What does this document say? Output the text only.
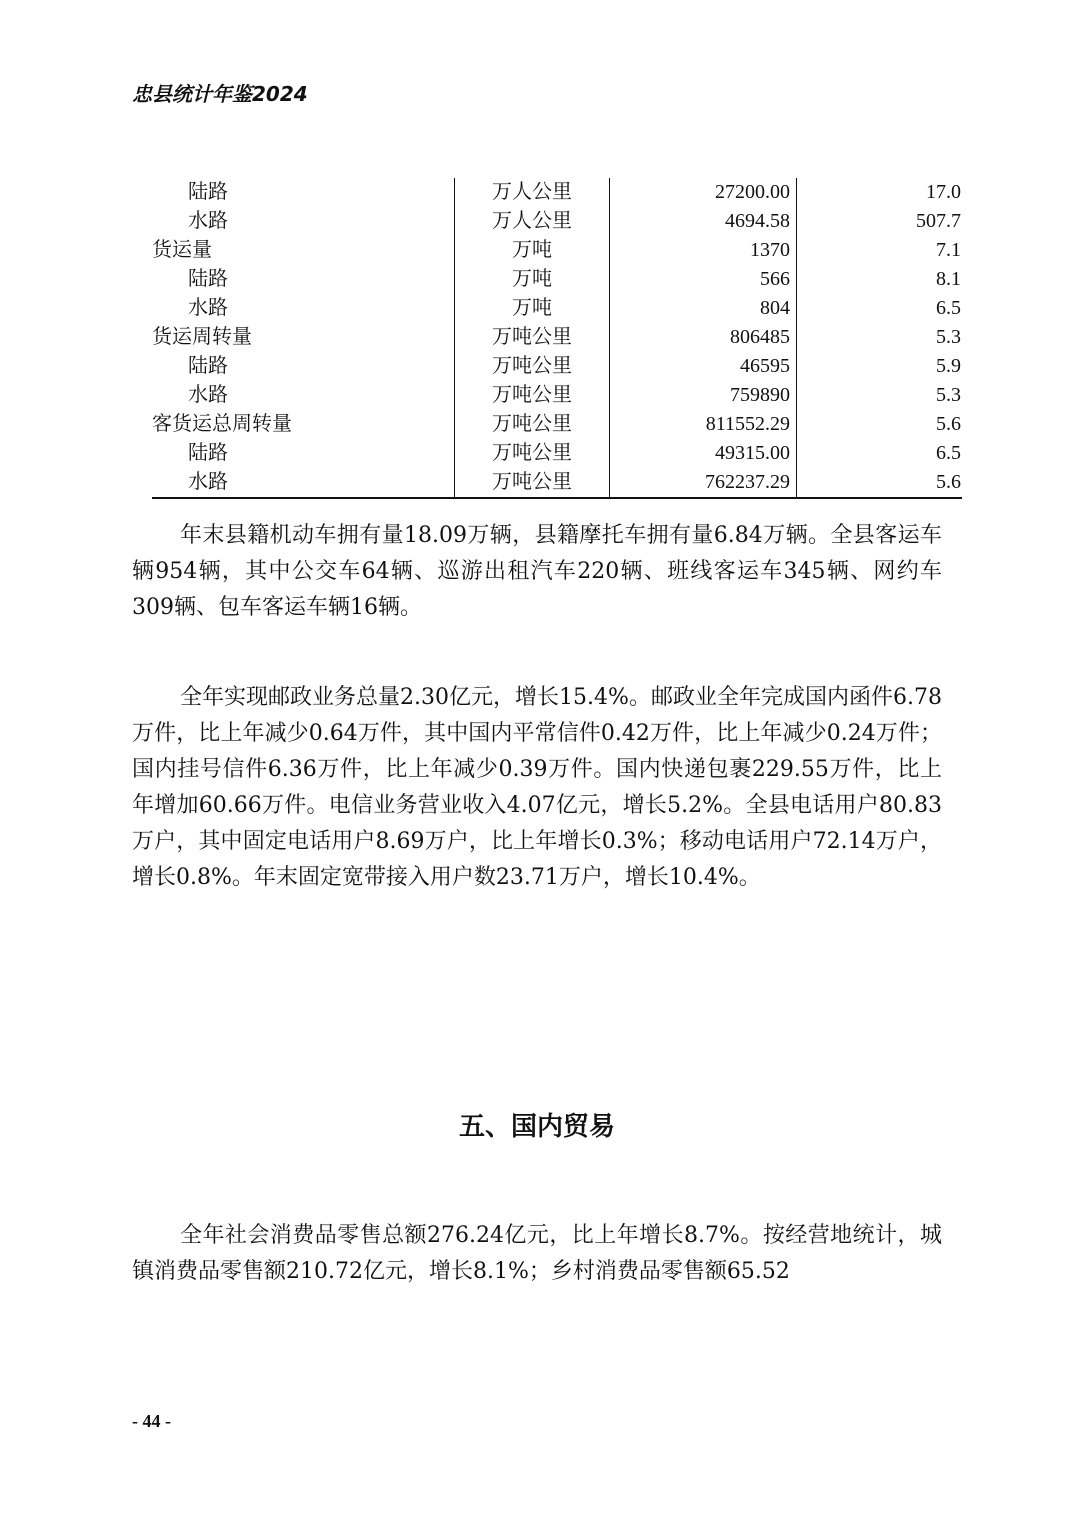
忠县统计年鉴2024
陆路	万人公里	27200.00	17.0
水路	万人公里	4694.58	507.7
货运量	万吨	1370	7.1
陆路	万吨	566	8.1
水路	万吨	804	6.5
货运周转量	万吨公里	806485	5.3
陆路	万吨公里	46595	5.9
水路	万吨公里	759890	5.3
客货运总周转量	万吨公里	811552.29	5.6
陆路	万吨公里	49315.00	6.5
水路	万吨公里	762237.29	5.6

年末县籍机动车拥有量18.09万辆，县籍摩托车拥有量6.84万辆。全县客运车辆954辆，其中公交车64辆、巡游出租汽车220辆、班线客运车345辆、网约车309辆、包车客运车辆16辆。

全年实现邮政业务总量2.30亿元，增长15.4%。邮政业全年完成国内函件6.78万件，比上年减少0.64万件，其中国内平常信件0.42万件，比上年减少0.24万件；国内挂号信件6.36万件，比上年减少0.39万件。国内快递包裹229.55万件，比上年增加60.66万件。电信业务营业收入4.07亿元，增长5.2%。全县电话用户80.83万户，其中固定电话用户8.69万户，比上年增长0.3%；移动电话用户72.14万户，增长0.8%。年末固定宽带接入用户数23.71万户，增长10.4%。

五、国内贸易

全年社会消费品零售总额276.24亿元，比上年增长8.7%。按经营地统计，城镇消费品零售额210.72亿元，增长8.1%；乡村消费品零售额65.52

- 44 -
